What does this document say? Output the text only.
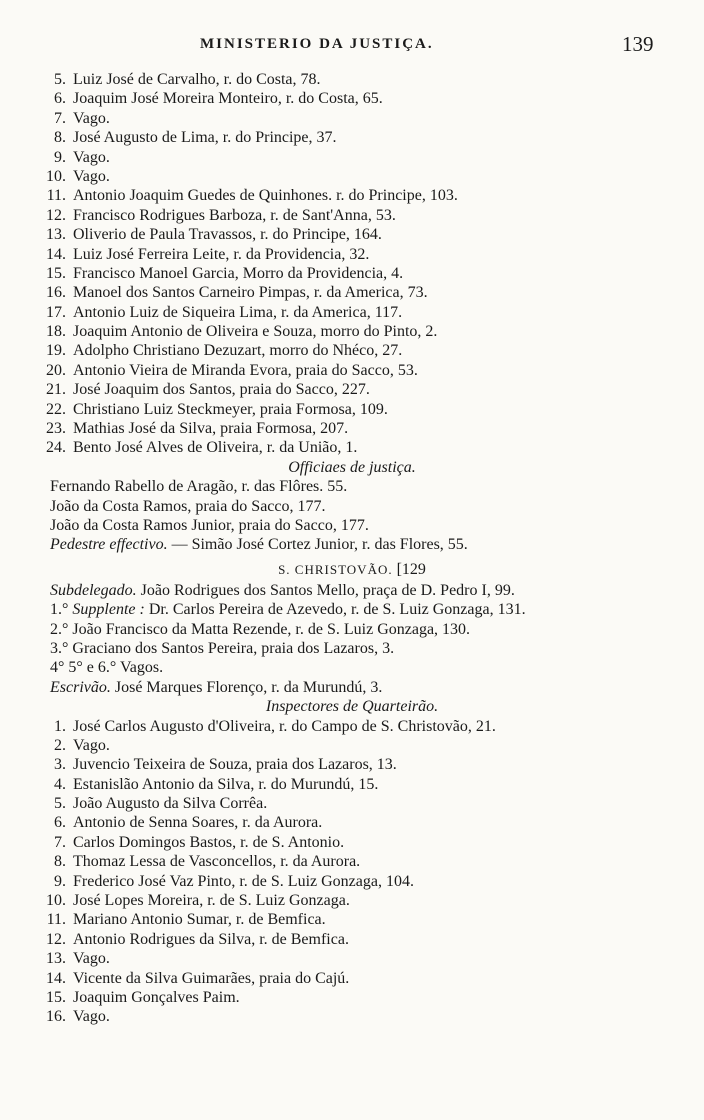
MINISTERIO DA JUSTIÇA.	139
5. Luiz José de Carvalho, r. do Costa, 78.
6. Joaquim José Moreira Monteiro, r. do Costa, 65.
7. Vago.
8. José Augusto de Lima, r. do Principe, 37.
9. Vago.
10. Vago.
11. Antonio Joaquim Guedes de Quinhones. r. do Principe, 103.
12. Francisco Rodrigues Barboza, r. de Sant'Anna, 53.
13. Oliverio de Paula Travassos, r. do Principe, 164.
14. Luiz José Ferreira Leite, r. da Providencia, 32.
15. Francisco Manoel Garcia, Morro da Providencia, 4.
16. Manoel dos Santos Carneiro Pimpas, r. da America, 73.
17. Antonio Luiz de Siqueira Lima, r. da America, 117.
18. Joaquim Antonio de Oliveira e Souza, morro do Pinto, 2.
19. Adolpho Christiano Dezuzart, morro do Nhéco, 27.
20. Antonio Vieira de Miranda Evora, praia do Sacco, 53.
21. José Joaquim dos Santos, praia do Sacco, 227.
22. Christiano Luiz Steckmeyer, praia Formosa, 109.
23. Mathias José da Silva, praia Formosa, 207.
24. Bento José Alves de Oliveira, r. da União, 1.
Officiaes de justiça.
Fernando Rabello de Aragão, r. das Flôres. 55.
João da Costa Ramos, praia do Sacco, 177.
João da Costa Ramos Junior, praia do Sacco, 177.
Pedestre effectivo. — Simão José Cortez Junior, r. das Flores, 55.
S. CHRISTOVÃO. [129
Subdelegado. João Rodrigues dos Santos Mello, praça de D. Pedro I, 99.
1.° Supplente : Dr. Carlos Pereira de Azevedo, r. de S. Luiz Gonzaga, 131.
2.° João Francisco da Matta Rezende, r. de S. Luiz Gonzaga, 130.
3.° Graciano dos Santos Pereira, praia dos Lazaros, 3.
4° 5° e 6.° Vagos.
Escrivão. José Marques Florenço, r. da Murundú, 3.
Inspectores de Quarteirão.
1. José Carlos Augusto d'Oliveira, r. do Campo de S. Christovão, 21.
2. Vago.
3. Juvencio Teixeira de Souza, praia dos Lazaros, 13.
4. Estanislão Antonio da Silva, r. do Murundú, 15.
5. João Augusto da Silva Corrêa.
6. Antonio de Senna Soares, r. da Aurora.
7. Carlos Domingos Bastos, r. de S. Antonio.
8. Thomaz Lessa de Vasconcellos, r. da Aurora.
9. Frederico José Vaz Pinto, r. de S. Luiz Gonzaga, 104.
10. José Lopes Moreira, r. de S. Luiz Gonzaga.
11. Mariano Antonio Sumar, r. de Bemfica.
12. Antonio Rodrigues da Silva, r. de Bemfica.
13. Vago.
14. Vicente da Silva Guimarães, praia do Cajú.
15. Joaquim Gonçalves Paim.
16. Vago.
